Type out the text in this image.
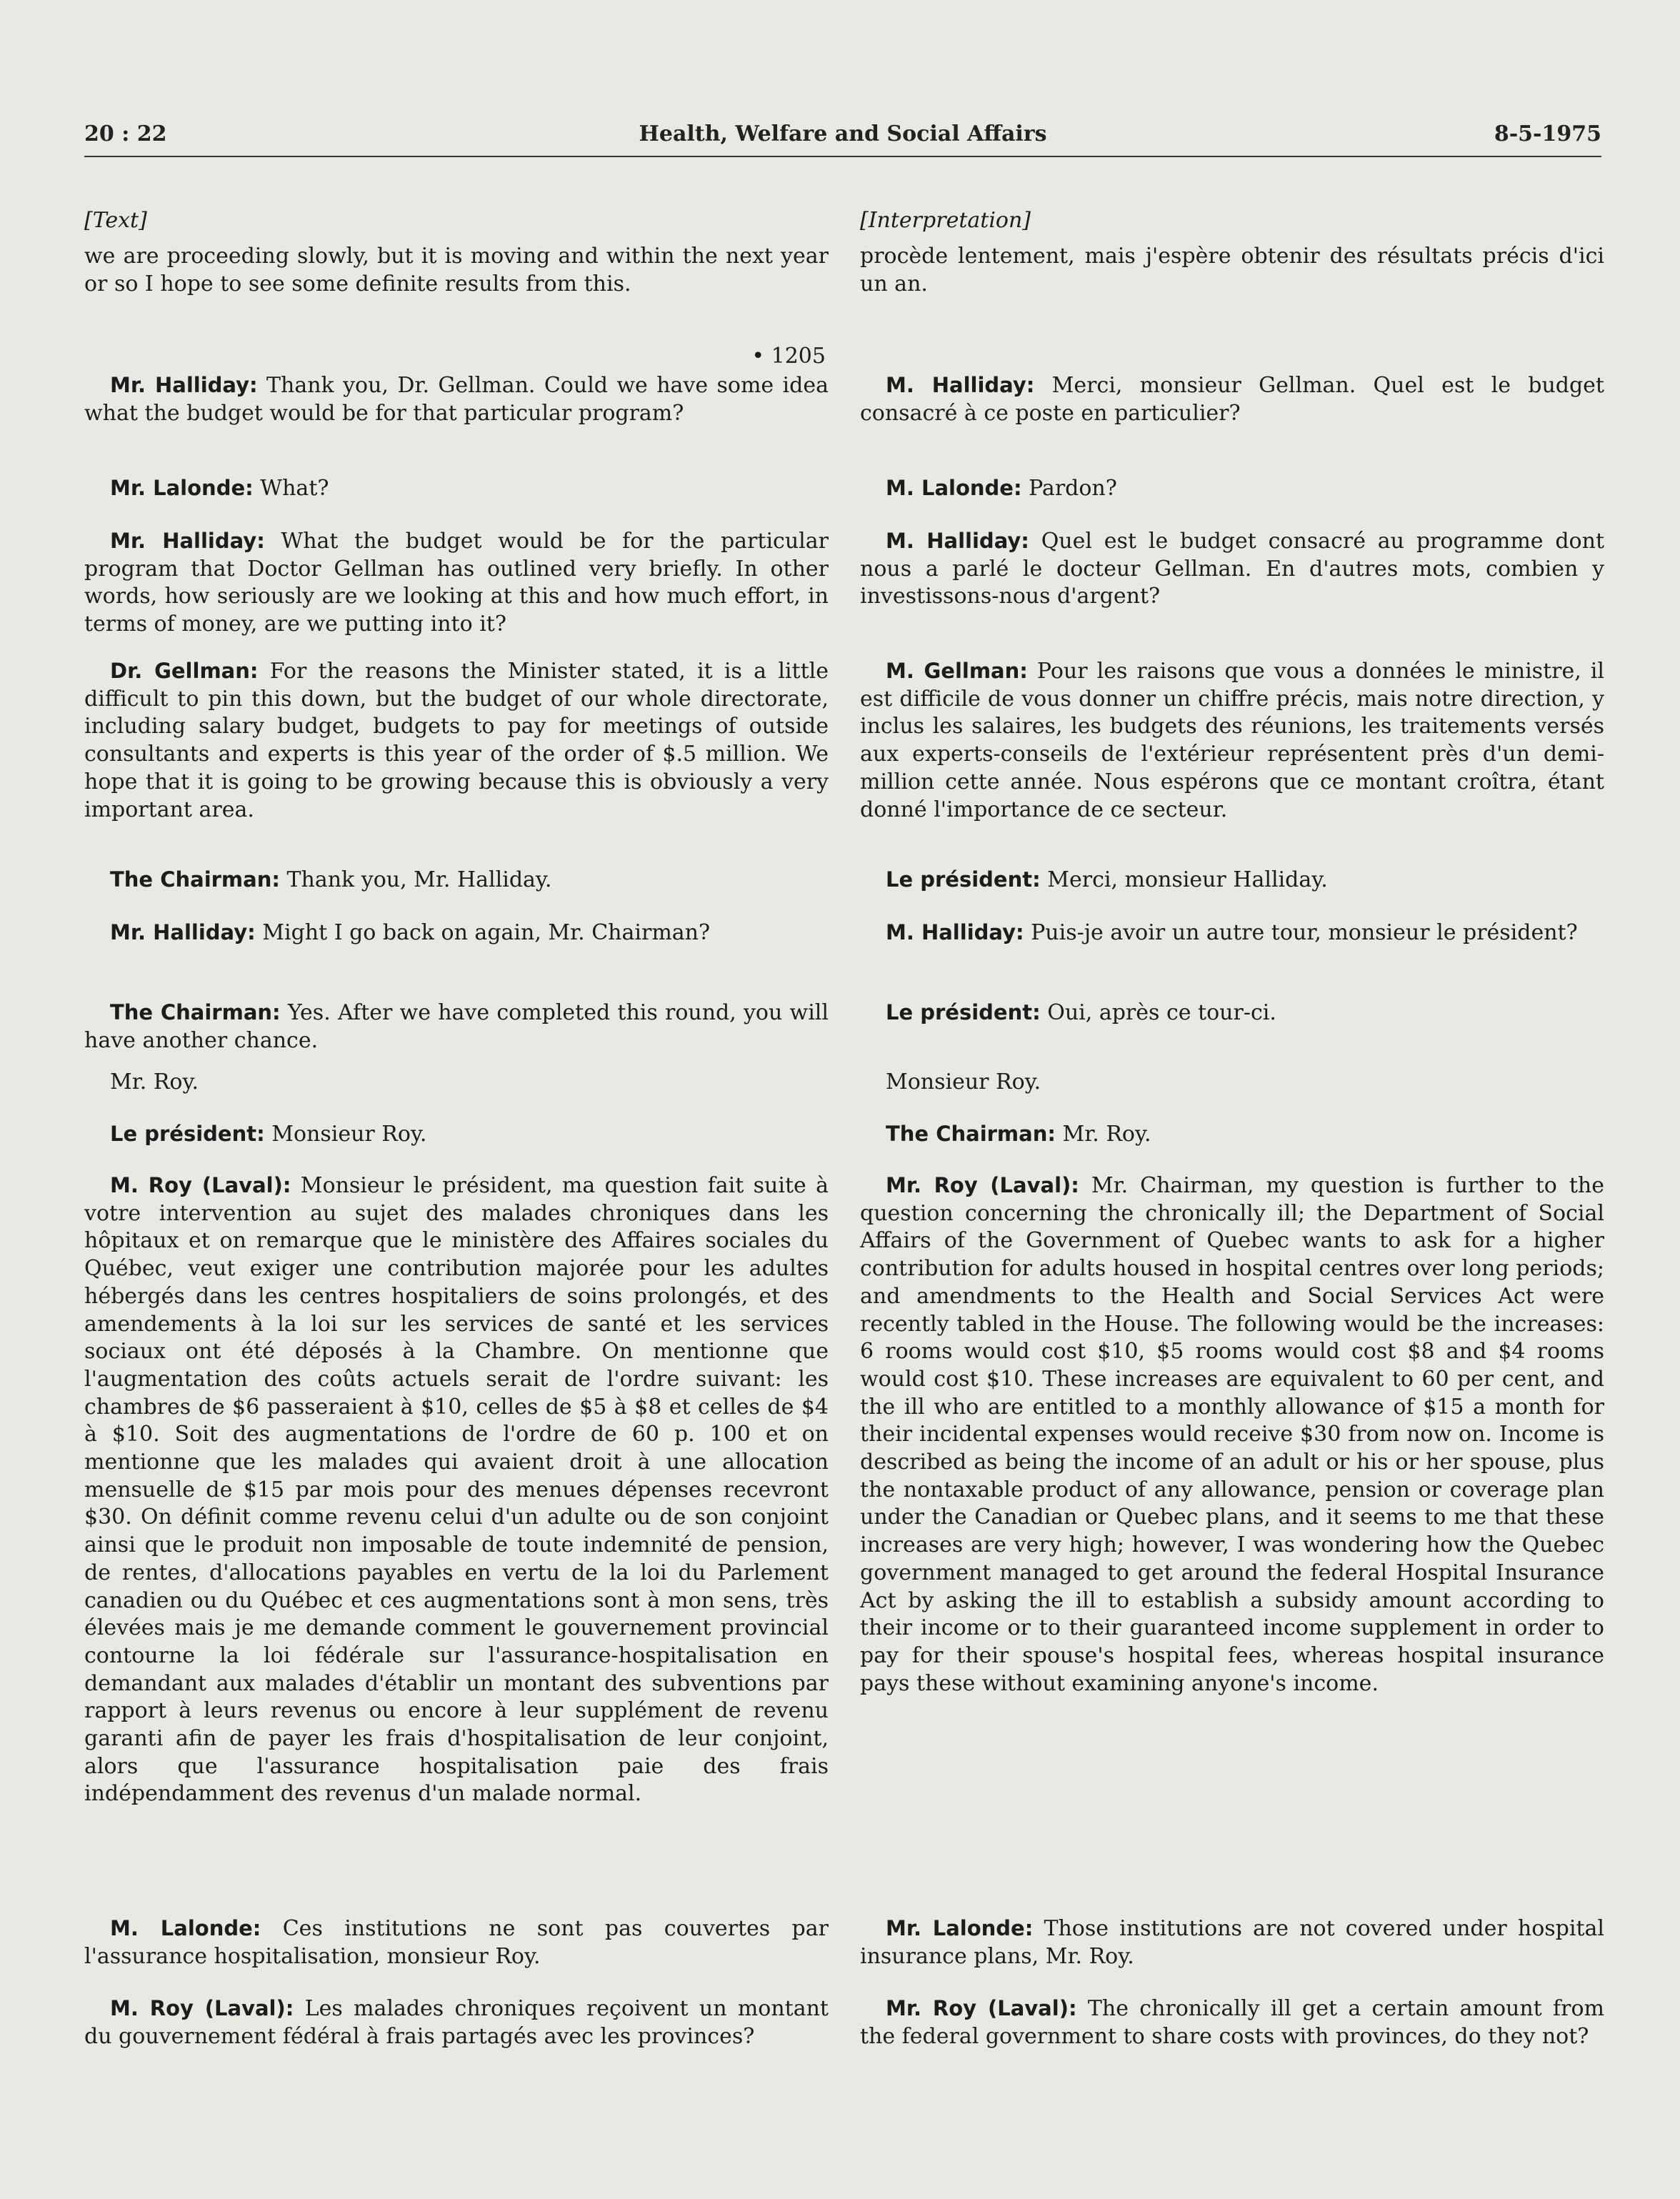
20 : 22	Health, Welfare and Social Affairs	8-5-1975
[Text]
we are proceeding slowly, but it is moving and within the next year or so I hope to see some definite results from this.
• 1205
Mr. Halliday: Thank you, Dr. Gellman. Could we have some idea what the budget would be for that particular program?
Mr. Lalonde: What?
Mr. Halliday: What the budget would be for the particular program that Doctor Gellman has outlined very briefly. In other words, how seriously are we looking at this and how much effort, in terms of money, are we putting into it?
Dr. Gellman: For the reasons the Minister stated, it is a little difficult to pin this down, but the budget of our whole directorate, including salary budget, budgets to pay for meetings of outside consultants and experts is this year of the order of $.5 million. We hope that it is going to be growing because this is obviously a very important area.
The Chairman: Thank you, Mr. Halliday.
Mr. Halliday: Might I go back on again, Mr. Chairman?
The Chairman: Yes. After we have completed this round, you will have another chance.
Mr. Roy.
Le président: Monsieur Roy.
M. Roy (Laval): Monsieur le président, ma question fait suite à votre intervention au sujet des malades chroniques dans les hôpitaux et on remarque que le ministère des Affaires sociales du Québec, veut exiger une contribution majorée pour les adultes hébergés dans les centres hospitaliers de soins prolongés, et des amendements à la loi sur les services de santé et les services sociaux ont été déposés à la Chambre. On mentionne que l'augmentation des coûts actuels serait de l'ordre suivant: les chambres de $6 passeraient à $10, celles de $5 à $8 et celles de $4 à $10. Soit des augmentations de l'ordre de 60 p. 100 et on mentionne que les malades qui avaient droit à une allocation mensuelle de $15 par mois pour des menues dépenses recevront $30. On définit comme revenu celui d'un adulte ou de son conjoint ainsi que le produit non imposable de toute indemnité de pension, de rentes, d'allocations payables en vertu de la loi du Parlement canadien ou du Québec et ces augmentations sont à mon sens, très élevées mais je me demande comment le gouvernement provincial contourne la loi fédérale sur l'assurance-hospitalisation en demandant aux malades d'établir un montant des subventions par rapport à leurs revenus ou encore à leur supplément de revenu garanti afin de payer les frais d'hospitalisation de leur conjoint, alors que l'assurance hospitalisation paie des frais indépendamment des revenus d'un malade normal.
M. Lalonde: Ces institutions ne sont pas couvertes par l'assurance hospitalisation, monsieur Roy.
M. Roy (Laval): Les malades chroniques reçoivent un montant du gouvernement fédéral à frais partagés avec les provinces?
[Interpretation]
procède lentement, mais j'espère obtenir des résultats précis d'ici un an.
M. Halliday: Merci, monsieur Gellman. Quel est le budget consacré à ce poste en particulier?
M. Lalonde: Pardon?
M. Halliday: Quel est le budget consacré au programme dont nous a parlé le docteur Gellman. En d'autres mots, combien y investissons-nous d'argent?
M. Gellman: Pour les raisons que vous a données le ministre, il est difficile de vous donner un chiffre précis, mais notre direction, y inclus les salaires, les budgets des réunions, les traitements versés aux experts-conseils de l'extérieur représentent près d'un demi-million cette année. Nous espérons que ce montant croîtra, étant donné l'importance de ce secteur.
Le président: Merci, monsieur Halliday.
M. Halliday: Puis-je avoir un autre tour, monsieur le président?
Le président: Oui, après ce tour-ci.
Monsieur Roy.
The Chairman: Mr. Roy.
Mr. Roy (Laval): Mr. Chairman, my question is further to the question concerning the chronically ill; the Department of Social Affairs of the Government of Quebec wants to ask for a higher contribution for adults housed in hospital centres over long periods; and amendments to the Health and Social Services Act were recently tabled in the House. The following would be the increases: 6 rooms would cost $10, $5 rooms would cost $8 and $4 rooms would cost $10. These increases are equivalent to 60 per cent, and the ill who are entitled to a monthly allowance of $15 a month for their incidental expenses would receive $30 from now on. Income is described as being the income of an adult or his or her spouse, plus the nontaxable product of any allowance, pension or coverage plan under the Canadian or Quebec plans, and it seems to me that these increases are very high; however, I was wondering how the Quebec government managed to get around the federal Hospital Insurance Act by asking the ill to establish a subsidy amount according to their income or to their guaranteed income supplement in order to pay for their spouse's hospital fees, whereas hospital insurance pays these without examining anyone's income.
Mr. Lalonde: Those institutions are not covered under hospital insurance plans, Mr. Roy.
Mr. Roy (Laval): The chronically ill get a certain amount from the federal government to share costs with provinces, do they not?
